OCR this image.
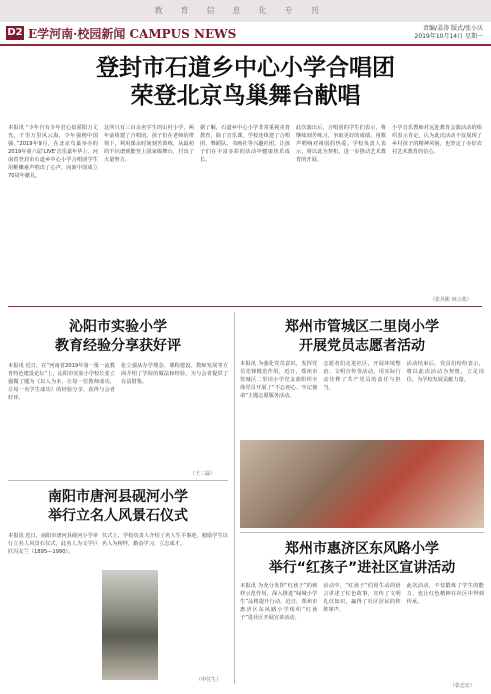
教育信息化专刊
D2 E学河南·校园新闻 CAMPUS NEWS	责编/姜涛 版式/张小庆
2019年10月14日 星期一
登封市石道乡中心小学合唱团
荣登北京鸟巢舞台献唱
本报讯 “少年自有少年狂心似骄阳万丈光，千里万里风云海，少年强则中国强。”2019年9月，在北京鸟巢举办的2019年第六届‘LIVE’音乐嘉年华上，河南省登封市石道乡中心小学合唱团学生用稚嫩童声唱出了心声，向新中国成立70周年献礼。
这所只有三百余名学生的山村小学，两年前组建了合唱团。孩子们在老师的带领下，利用课余时间刻苦训练，从最初的不识谱到能登上国家级舞台，付出了大量努力。
据了解，石道乡中心小学非常重视美育教育，除了音乐课，学校还组建了合唱团、舞蹈队、书画社等兴趣社团，让孩子们在丰富多彩的活动中健康快乐成长。
此次演出后，合唱团的学生们表示，将继续刻苦练习，争取更好的成绩，用歌声唱响对祖国的热爱。学校负责人表示，将以此为契机，进一步推动艺术教育的开展。
小学音乐教师对远赴教育会演活动的组织表示肯定，认为此次活动不仅展现了乡村孩子的精神风貌，也坚定了办好农村艺术教育的信心。
（张丛彬 林言蓝）
沁阳市实验小学
教育经验分享获好评
本报讯 近日，在“河南省2019年第一批一流教育特色建设论坛”上，沁阳市实验小学校长张立强做了题为《以人为本，让每一位教师成功，让每一名学生成功》的经验分享，获得与会者好评。
张立强从办学理念、课程建设、教师发展等方面介绍了学校的做法和经验，为与会者提供了有益借鉴。
（王二磊）
郑州市管城区二里岗小学
开展党员志愿者活动
本报讯 为强化党员意识，发挥党员先锋模范作用，近日，郑州市管城区二里岗小学党支部组织全体党员开展了“不忘初心、牢记使命”主题志愿服务活动。
志愿者们走进社区，开展环境整治、文明宣传等活动，用实际行动诠释了共产党员的责任与担当。
活动结束后，党员们纷纷表示，将以此次活动为契机，立足岗位，为学校发展贡献力量。
南阳市唐河县砚河小学
举行立名人风景石仪式
本报讯 近日，南阳市唐河县砚河小学举行立名人风景石仪式，此名人为文学巨匠冯友兰（1895—1990）。
仪式上，学校负责人介绍了名人生平事迹，勉励学生以名人为榜样，勤奋学习，立志成才。
（申付生）
郑州市惠济区东风路小学
举行“红孩子”进社区宣讲活动
本报讯 为充分发挥“红孩子”的榜样示范作用，深入推进“绿城小学生”品格提升行动，近日，郑州市惠济区东风路小学组织“红孩子”进社区开展宣讲活动。
活动中，“红孩子”们用生动的语言讲述了红色故事，宣传了文明礼仪知识，赢得了社区居民的阵阵掌声。
此次活动，不仅锻炼了学生的能力，也让红色精神在社区中得到传承。
（张志宏）
